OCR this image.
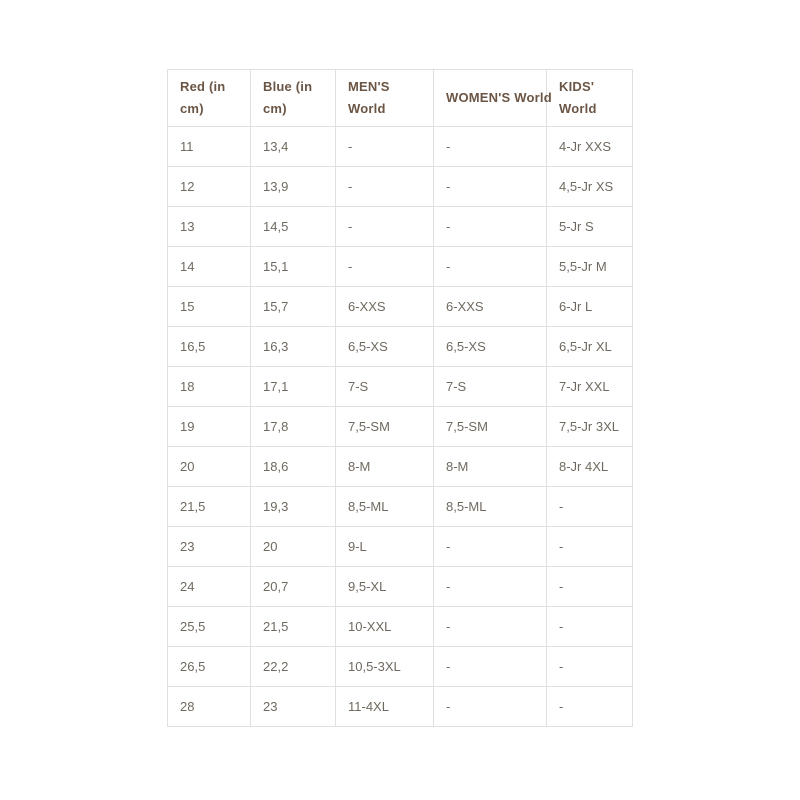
Red (in cm)	Blue (in cm)	MEN'S World	WOMEN'S World	KIDS' World
11	13,4	-	-	4-Jr XXS
12	13,9	-	-	4,5-Jr XS
13	14,5	-	-	5-Jr S
14	15,1	-	-	5,5-Jr M
15	15,7	6-XXS	6-XXS	6-Jr L
16,5	16,3	6,5-XS	6,5-XS	6,5-Jr XL
18	17,1	7-S	7-S	7-Jr XXL
19	17,8	7,5-SM	7,5-SM	7,5-Jr 3XL
20	18,6	8-M	8-M	8-Jr 4XL
21,5	19,3	8,5-ML	8,5-ML	-
23	20	9-L	-	-
24	20,7	9,5-XL	-	-
25,5	21,5	10-XXL	-	-
26,5	22,2	10,5-3XL	-	-
28	23	11-4XL	-	-
